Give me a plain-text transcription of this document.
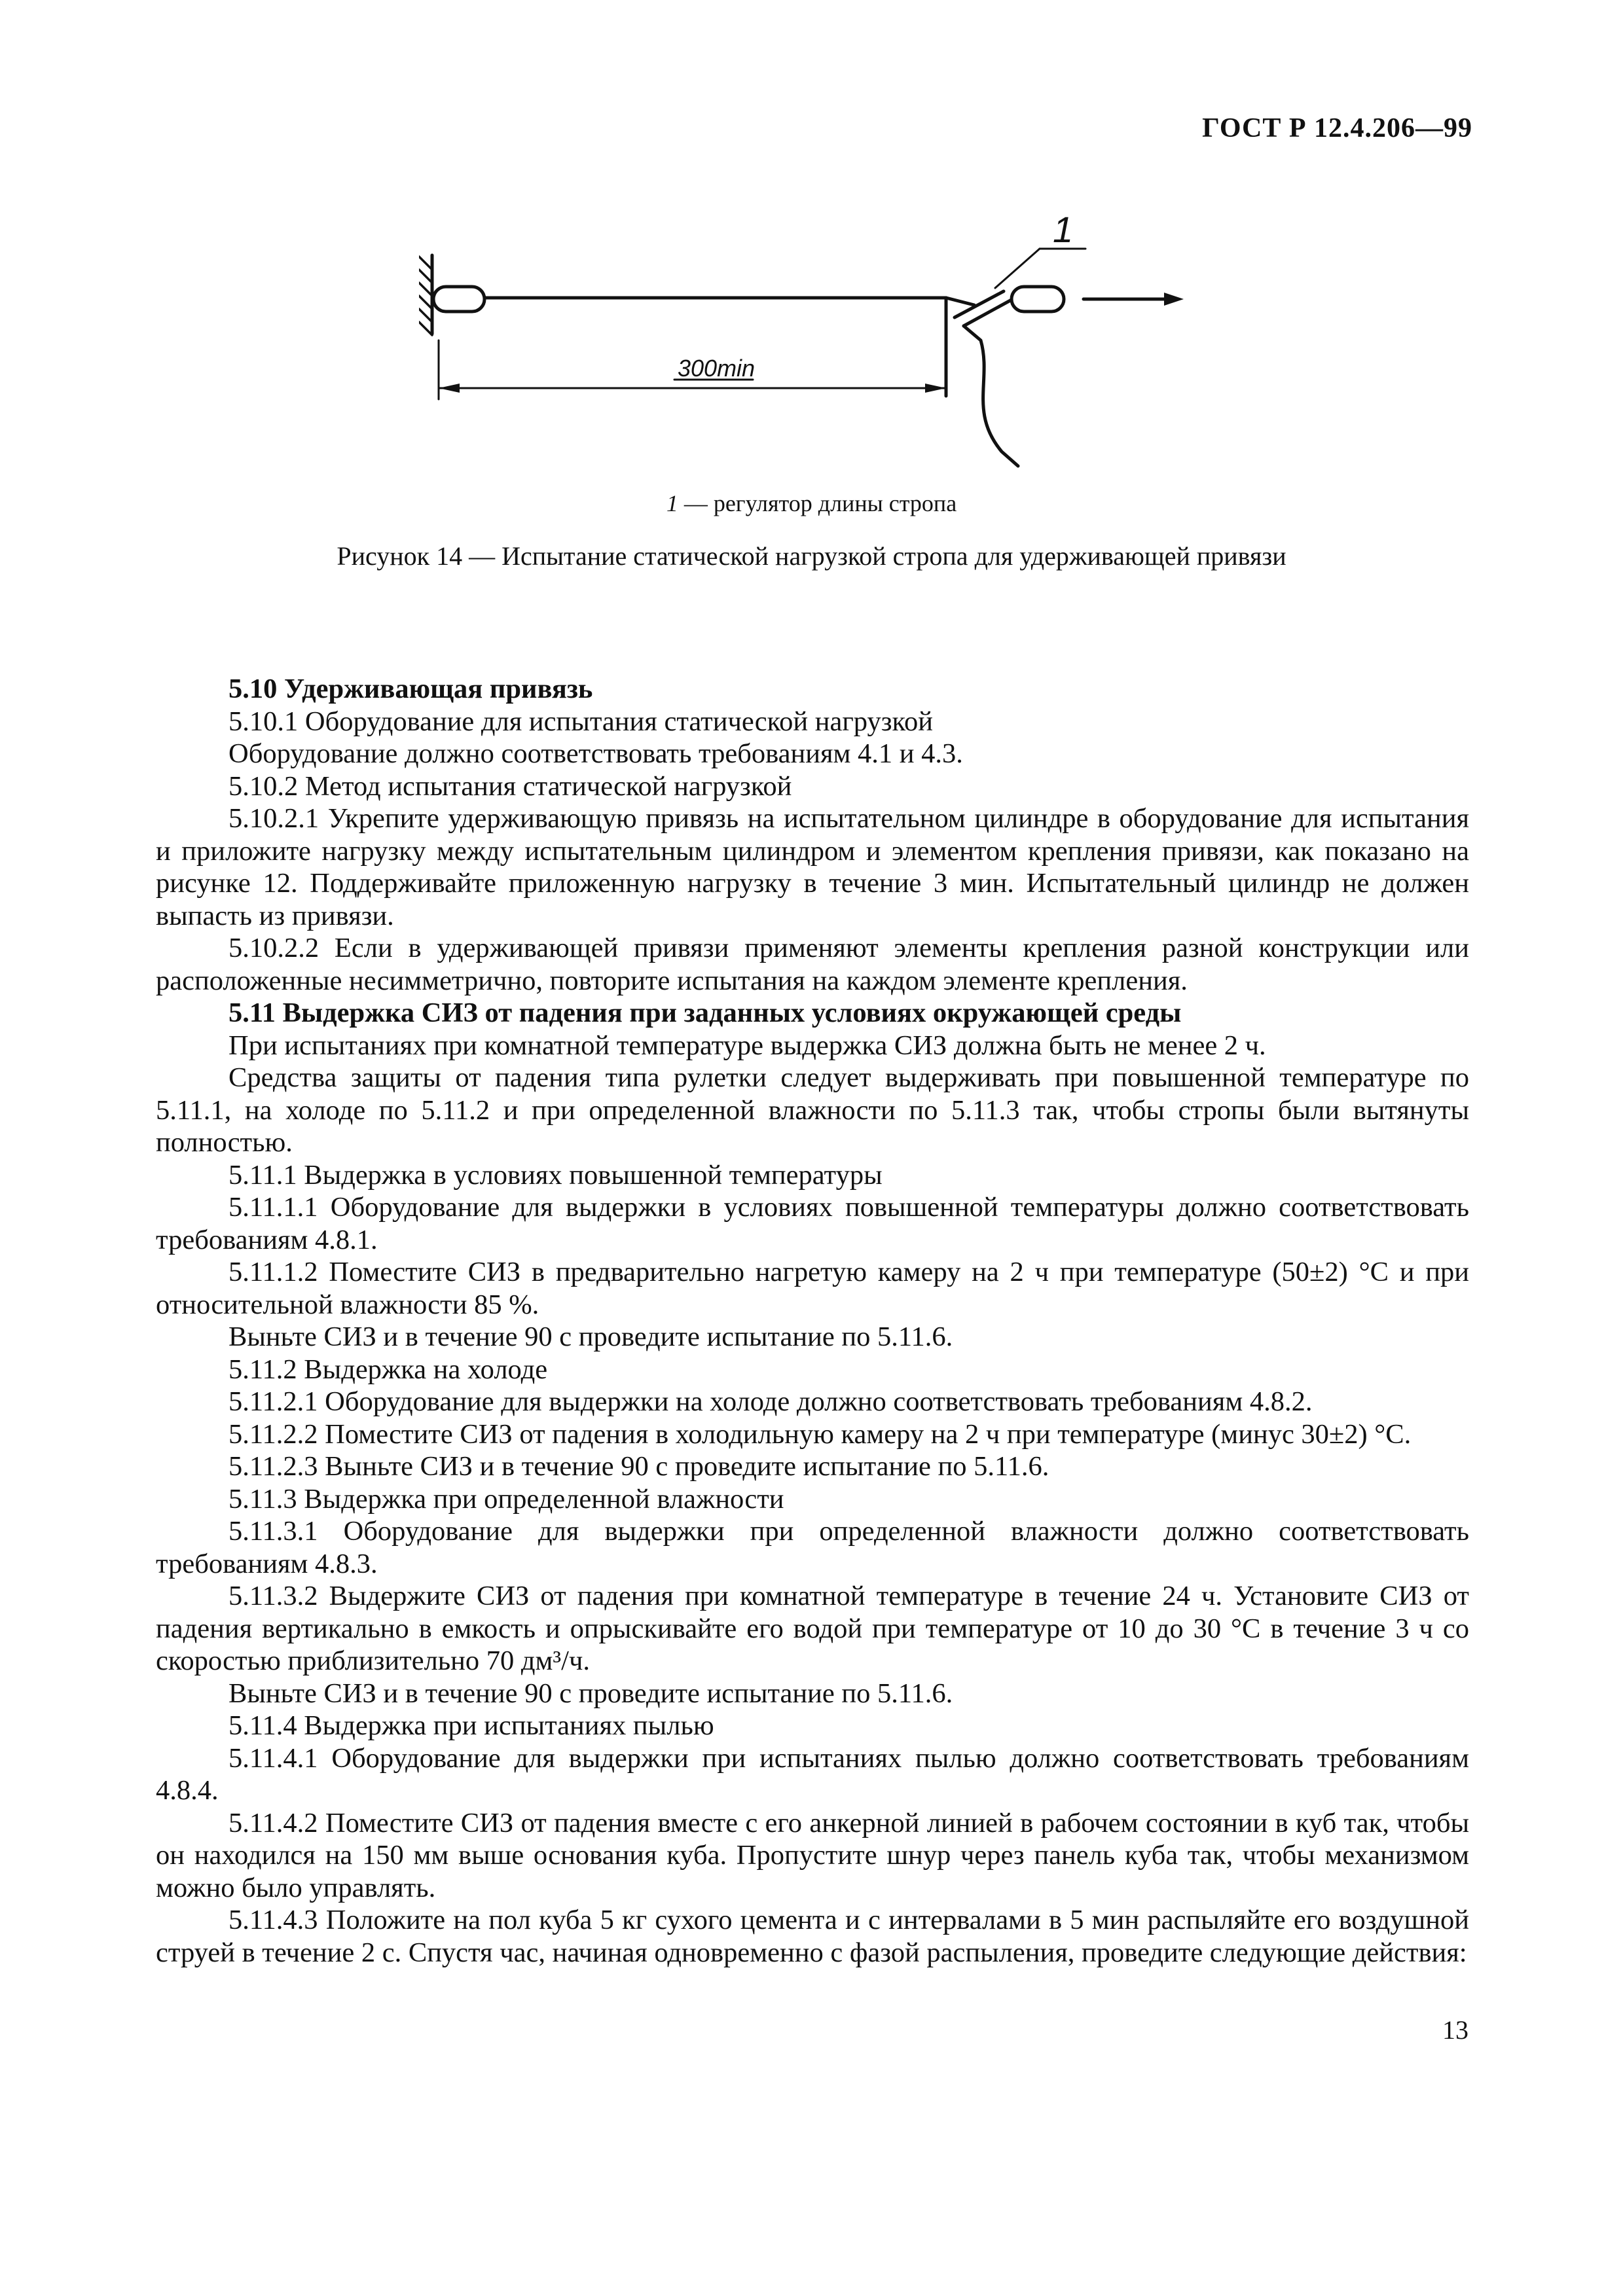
ГОСТ Р 12.4.206—99
1
300min
1 — регулятор длины стропа
Рисунок 14 — Испытание статической нагрузкой стропа для удерживающей привязи

5.10 Удерживающая привязь

5.10.1 Оборудование для испытания статической нагрузкой

Оборудование должно соответствовать требованиям 4.1 и 4.3.

5.10.2 Метод испытания статической нагрузкой

5.10.2.1 Укрепите удерживающую привязь на испытательном цилиндре в оборудование для испытания и приложите нагрузку между испытательным цилиндром и элементом крепления привязи, как показано на рисунке 12. Поддерживайте приложенную нагрузку в течение 3 мин. Испытательный цилиндр не должен выпасть из привязи.

5.10.2.2 Если в удерживающей привязи применяют элементы крепления разной конструкции или расположенные несимметрично, повторите испытания на каждом элементе крепления.

5.11 Выдержка СИЗ от падения при заданных условиях окружающей среды

При испытаниях при комнатной температуре выдержка СИЗ должна быть не менее 2 ч.

Средства защиты от падения типа рулетки следует выдерживать при повышенной температуре по 5.11.1, на холоде по 5.11.2 и при определенной влажности по 5.11.3 так, чтобы стропы были вытянуты полностью.

5.11.1 Выдержка в условиях повышенной температуры

5.11.1.1 Оборудование для выдержки в условиях повышенной температуры должно соответствовать требованиям 4.8.1.

5.11.1.2 Поместите СИЗ в предварительно нагретую камеру на 2 ч при температуре (50±2) °С и при относительной влажности 85 %.

Выньте СИЗ и в течение 90 с проведите испытание по 5.11.6.

5.11.2 Выдержка на холоде

5.11.2.1 Оборудование для выдержки на холоде должно соответствовать требованиям 4.8.2.

5.11.2.2 Поместите СИЗ от падения в холодильную камеру на 2 ч при температуре (минус 30±2) °С.

5.11.2.3 Выньте СИЗ и в течение 90 с проведите испытание по 5.11.6.

5.11.3 Выдержка при определенной влажности

5.11.3.1 Оборудование для выдержки при определенной влажности должно соответствовать требованиям 4.8.3.

5.11.3.2 Выдержите СИЗ от падения при комнатной температуре в течение 24 ч. Установите СИЗ от падения вертикально в емкость и опрыскивайте его водой при температуре от 10 до 30 °С в течение 3 ч со скоростью приблизительно 70 дм³/ч.

Выньте СИЗ и в течение 90 с проведите испытание по 5.11.6.

5.11.4 Выдержка при испытаниях пылью

5.11.4.1 Оборудование для выдержки при испытаниях пылью должно соответствовать требованиям 4.8.4.

5.11.4.2 Поместите СИЗ от падения вместе с его анкерной линией в рабочем состоянии в куб так, чтобы он находился на 150 мм выше основания куба. Пропустите шнур через панель куба так, чтобы механизмом можно было управлять.

5.11.4.3 Положите на пол куба 5 кг сухого цемента и с интервалами в 5 мин распыляйте его воздушной струей в течение 2 с. Спустя час, начиная одновременно с фазой распыления, проведите следующие действия:

13
